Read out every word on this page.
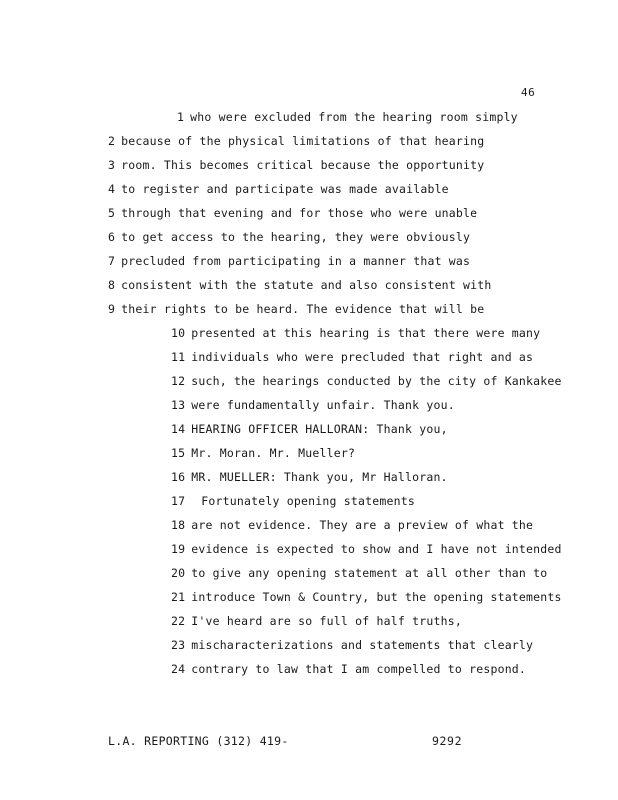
46
1 who were excluded from the hearing room simply
2 because of the physical limitations of that hearing
3 room. This becomes critical because the opportunity
4 to register and participate was made available
5 through that evening and for those who were unable
6 to get access to the hearing, they were obviously
7 precluded from participating in a manner that was
8 consistent with the statute and also consistent with
9 their rights to be heard. The evidence that will be
10 presented at this hearing is that there were many
11 individuals who were precluded that right and as
12 such, the hearings conducted by the city of Kankakee
13 were fundamentally unfair. Thank you.
14 HEARING OFFICER HALLORAN: Thank you,
15 Mr. Moran. Mr. Mueller?
16 MR. MUELLER: Thank you, Mr Halloran.
17 Fortunately opening statements
18 are not evidence. They are a preview of what the
19 evidence is expected to show and I have not intended
20 to give any opening statement at all other than to
21 introduce Town & Country, but the opening statements
22 I've heard are so full of half truths,
23 mischaracterizations and statements that clearly
24 contrary to law that I am compelled to respond.
L.A. REPORTING (312) 419-	9292
